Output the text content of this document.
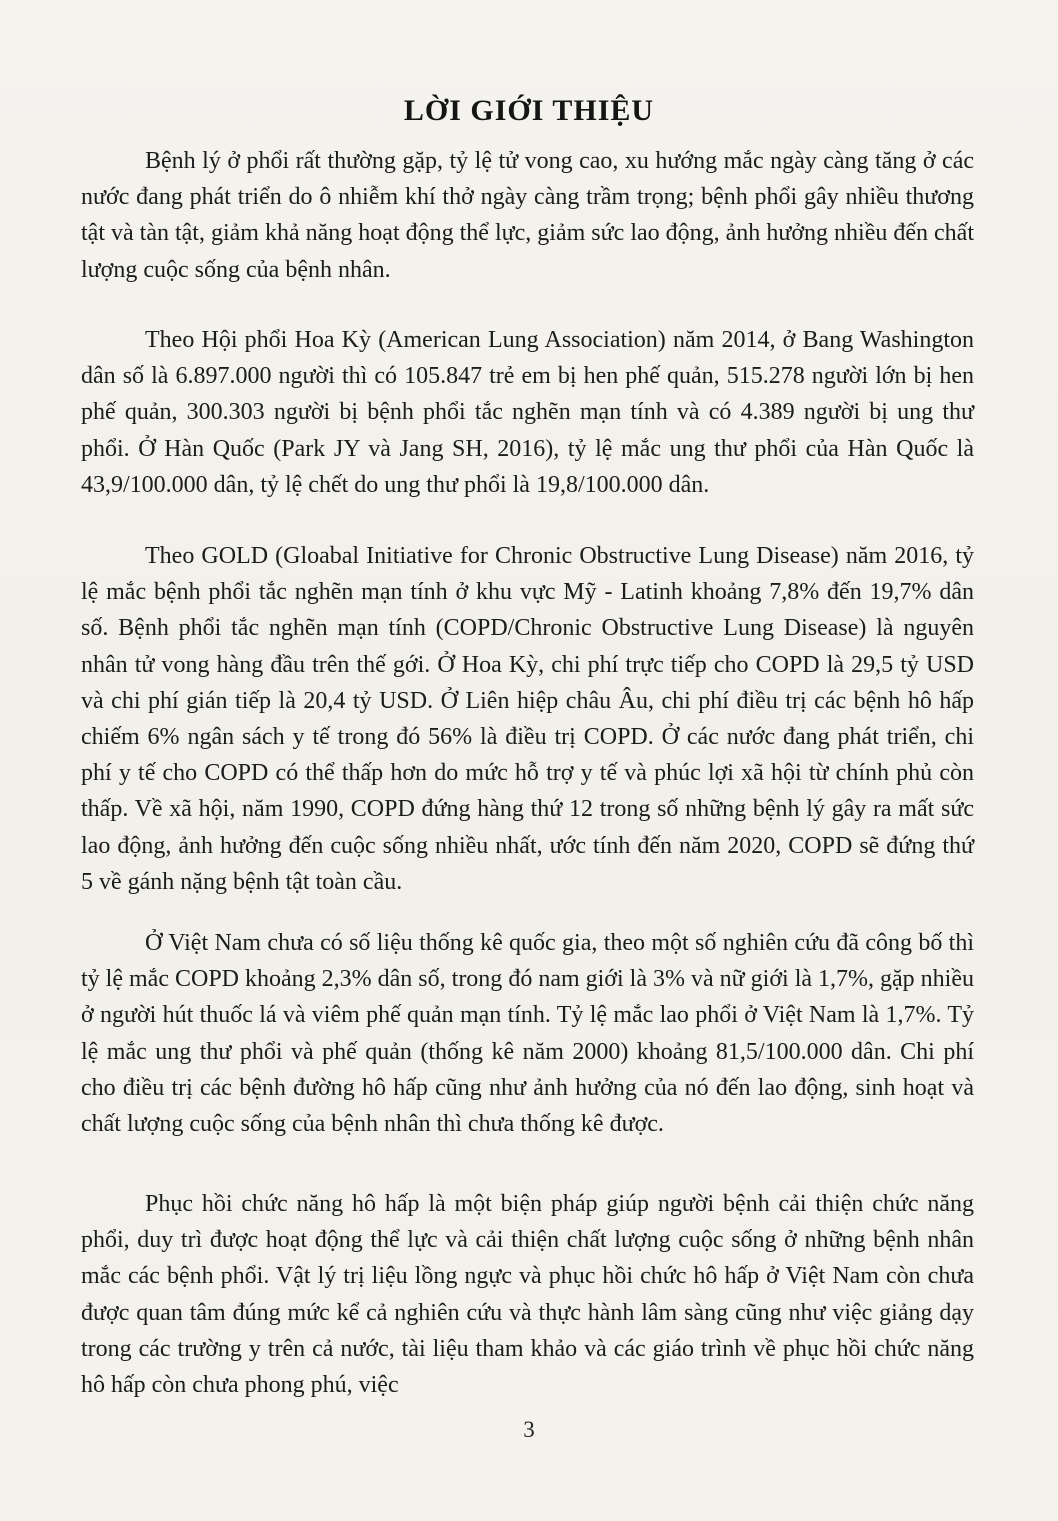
LỜI GIỚI THIỆU

Bệnh lý ở phổi rất thường gặp, tỷ lệ tử vong cao, xu hướng mắc ngày càng tăng ở các nước đang phát triển do ô nhiễm khí thở ngày càng trầm trọng; bệnh phổi gây nhiều thương tật và tàn tật, giảm khả năng hoạt động thể lực, giảm sức lao động, ảnh hưởng nhiều đến chất lượng cuộc sống của bệnh nhân.

Theo Hội phổi Hoa Kỳ (American Lung Association) năm 2014, ở Bang Washington dân số là 6.897.000 người thì có 105.847 trẻ em bị hen phế quản, 515.278 người lớn bị hen phế quản, 300.303 người bị bệnh phổi tắc nghẽn mạn tính và có 4.389 người bị ung thư phổi. Ở Hàn Quốc (Park JY và Jang SH, 2016), tỷ lệ mắc ung thư phổi của Hàn Quốc là 43,9/100.000 dân, tỷ lệ chết do ung thư phổi là 19,8/100.000 dân.

Theo GOLD (Gloabal Initiative for Chronic Obstructive Lung Disease) năm 2016, tỷ lệ mắc bệnh phổi tắc nghẽn mạn tính ở khu vực Mỹ - Latinh khoảng 7,8% đến 19,7% dân số. Bệnh phổi tắc nghẽn mạn tính (COPD/Chronic Obstructive Lung Disease) là nguyên nhân tử vong hàng đầu trên thế gới. Ở Hoa Kỳ, chi phí trực tiếp cho COPD là 29,5 tỷ USD và chi phí gián tiếp là 20,4 tỷ USD. Ở Liên hiệp châu Âu, chi phí điều trị các bệnh hô hấp chiếm 6% ngân sách y tế trong đó 56% là điều trị COPD. Ở các nước đang phát triển, chi phí y tế cho COPD có thể thấp hơn do mức hỗ trợ y tế và phúc lợi xã hội từ chính phủ còn thấp. Về xã hội, năm 1990, COPD đứng hàng thứ 12 trong số những bệnh lý gây ra mất sức lao động, ảnh hưởng đến cuộc sống nhiều nhất, ước tính đến năm 2020, COPD sẽ đứng thứ 5 về gánh nặng bệnh tật toàn cầu.

Ở Việt Nam chưa có số liệu thống kê quốc gia, theo một số nghiên cứu đã công bố thì tỷ lệ mắc COPD khoảng 2,3% dân số, trong đó nam giới là 3% và nữ giới là 1,7%, gặp nhiều ở người hút thuốc lá và viêm phế quản mạn tính. Tỷ lệ mắc lao phổi ở Việt Nam là 1,7%. Tỷ lệ mắc ung thư phổi và phế quản (thống kê năm 2000) khoảng 81,5/100.000 dân. Chi phí cho điều trị các bệnh đường hô hấp cũng như ảnh hưởng của nó đến lao động, sinh hoạt và chất lượng cuộc sống của bệnh nhân thì chưa thống kê được.

Phục hồi chức năng hô hấp là một biện pháp giúp người bệnh cải thiện chức năng phổi, duy trì được hoạt động thể lực và cải thiện chất lượng cuộc sống ở những bệnh nhân mắc các bệnh phổi. Vật lý trị liệu lồng ngực và phục hồi chức hô hấp ở Việt Nam còn chưa được quan tâm đúng mức kể cả nghiên cứu và thực hành lâm sàng cũng như việc giảng dạy trong các trường y trên cả nước, tài liệu tham khảo và các giáo trình về phục hồi chức năng hô hấp còn chưa phong phú, việc

3
